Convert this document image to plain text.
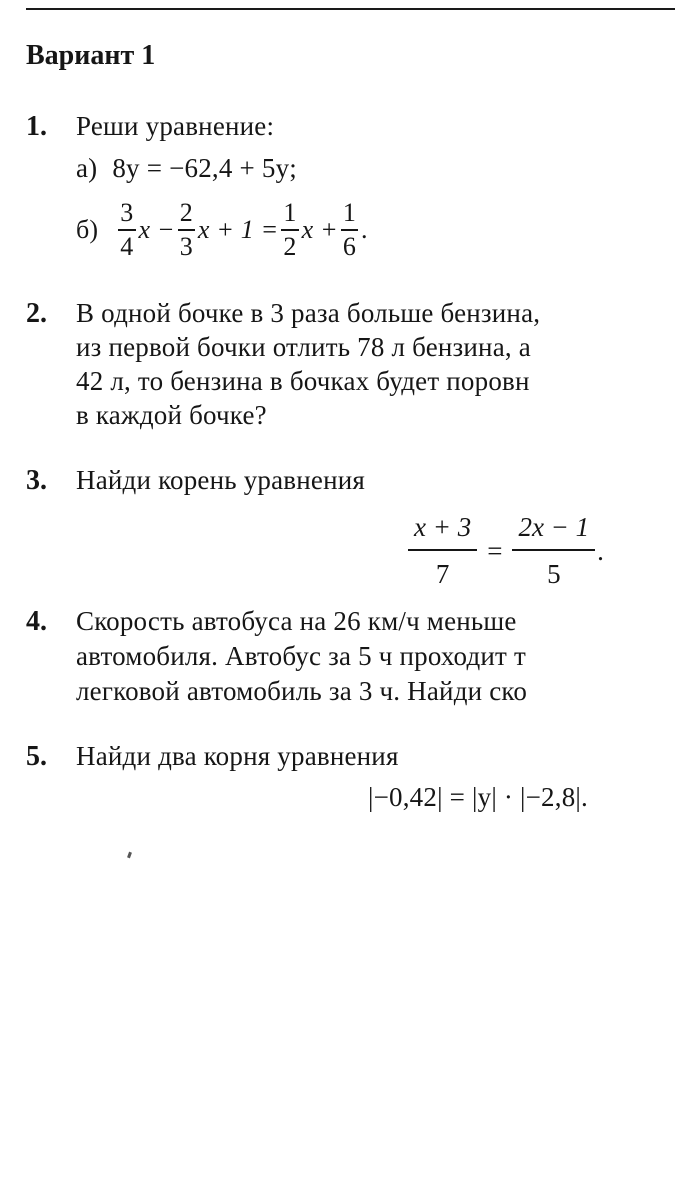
Вариант 1
1. Реши уравнение:
а) 8y = −62,4 + 5y;
$б) \frac{3}{4}$ $x - \frac{2}{3}$ $x + 1 = \frac{1}{2}$ $x + \frac{1}{6}$ .
2. В одной бочке в 3 раза больше бензина,
из первой бочки отлить 78 л бензина, а
42 л, то бензина в бочках будет поровн
в каждой бочке?
3. Найди корень уравнения
$\frac{x + 3}{7} = \frac{2x - 1}{5}$ .
4. Скорость автобуса на 26 км/ч меньше
автомобиля. Автобус за 5 ч проходит т
легковой автомобиль за 3 ч. Найди ско
5. Найди два корня уравнения
|−0,42| = |y| · |−2,8|.
